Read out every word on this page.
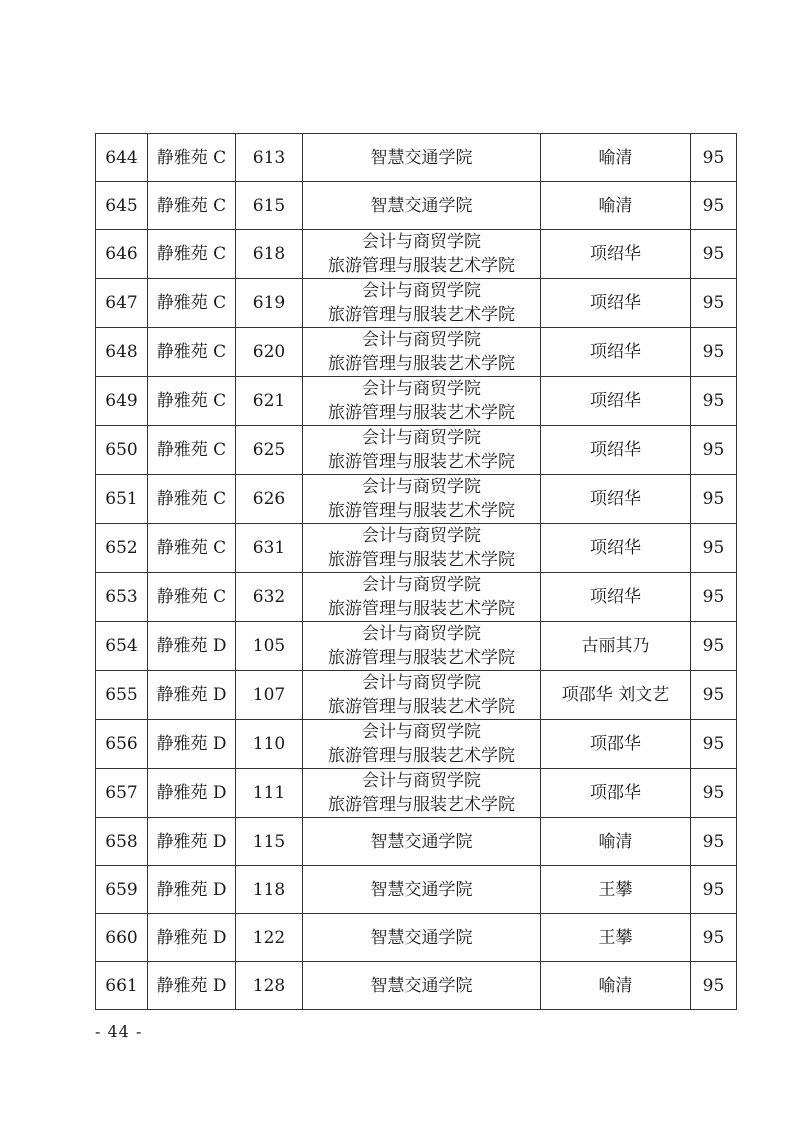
644	静雅苑 C	613	智慧交通学院	喻清	95
645	静雅苑 C	615	智慧交通学院	喻清	95
646	静雅苑 C	618	会计与商贸学院
旅游管理与服装艺术学院	项绍华	95
647	静雅苑 C	619	会计与商贸学院
旅游管理与服装艺术学院	项绍华	95
648	静雅苑 C	620	会计与商贸学院
旅游管理与服装艺术学院	项绍华	95
649	静雅苑 C	621	会计与商贸学院
旅游管理与服装艺术学院	项绍华	95
650	静雅苑 C	625	会计与商贸学院
旅游管理与服装艺术学院	项绍华	95
651	静雅苑 C	626	会计与商贸学院
旅游管理与服装艺术学院	项绍华	95
652	静雅苑 C	631	会计与商贸学院
旅游管理与服装艺术学院	项绍华	95
653	静雅苑 C	632	会计与商贸学院
旅游管理与服装艺术学院	项绍华	95
654	静雅苑 D	105	会计与商贸学院
旅游管理与服装艺术学院	古丽其乃	95
655	静雅苑 D	107	会计与商贸学院
旅游管理与服装艺术学院	项邵华 刘文艺	95
656	静雅苑 D	110	会计与商贸学院
旅游管理与服装艺术学院	项邵华	95
657	静雅苑 D	111	会计与商贸学院
旅游管理与服装艺术学院	项邵华	95
658	静雅苑 D	115	智慧交通学院	喻清	95
659	静雅苑 D	118	智慧交通学院	王攀	95
660	静雅苑 D	122	智慧交通学院	王攀	95
661	静雅苑 D	128	智慧交通学院	喻清	95
- 44 -
